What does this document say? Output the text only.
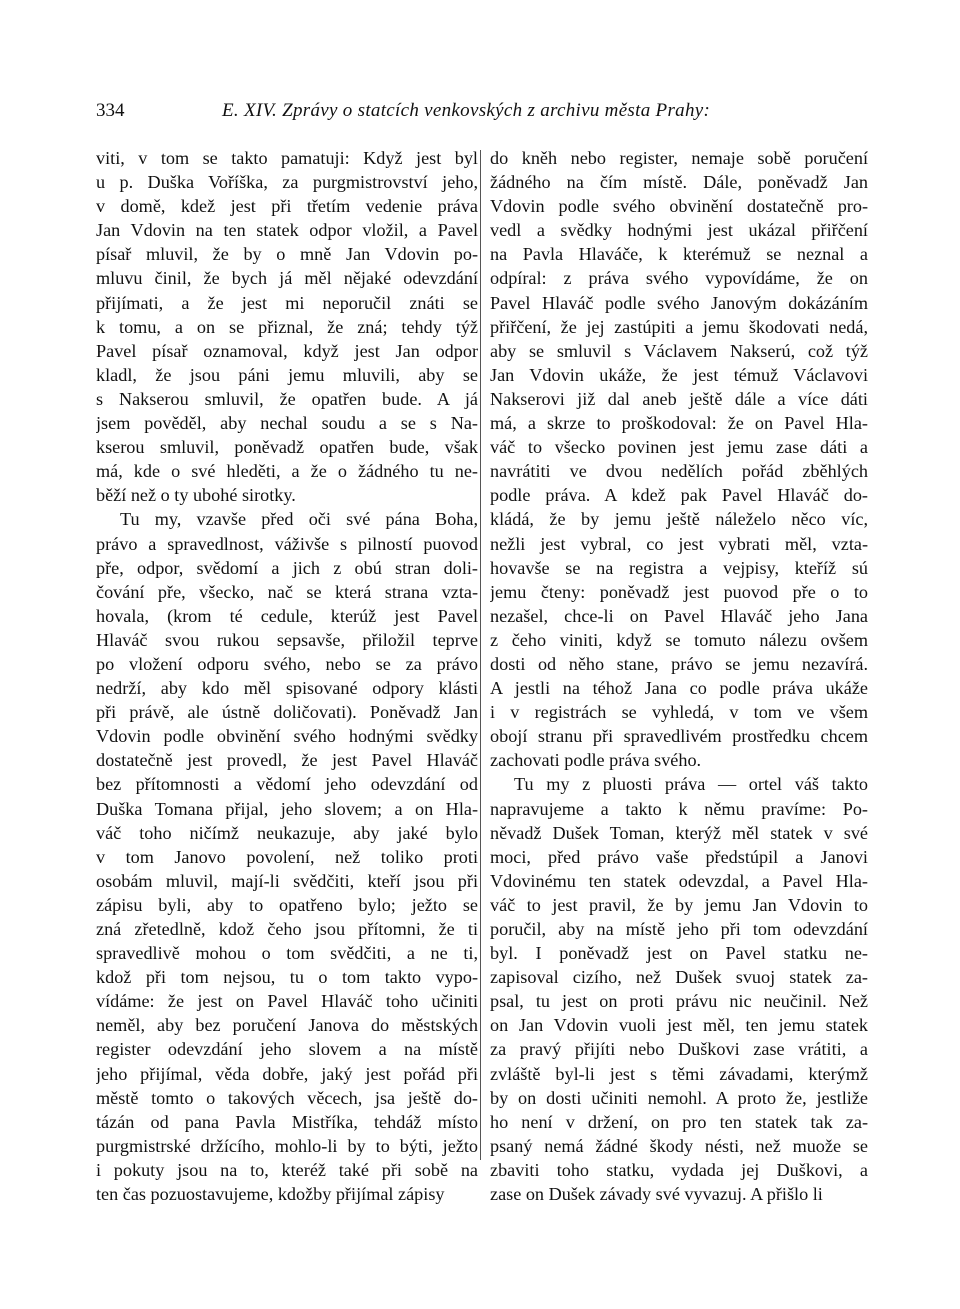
334	E. XIV. Zprávy o statcích venkovských z archivu města Prahy:
viti, v tom se takto pamatuji: Když jest byl
u p. Duška Voříška, za purgmistrovství jeho,
v domě, kdež jest při třetím vedenie práva
Jan Vdovin na ten statek odpor vložil, a Pavel
písař mluvil, že by o mně Jan Vdovin po-
mluvu činil, že bych já měl nějaké odevzdání
přijímati, a že jest mi neporučil znáti se
k tomu, a on se přiznal, že zná; tehdy týž
Pavel písař oznamoval, když jest Jan odpor
kladl, že jsou páni jemu mluvili, aby se
s Nakserou smluvil, že opatřen bude. A já
jsem pověděl, aby nechal soudu a se s Na-
kserou smluvil, poněvadž opatřen bude, však
má, kde o své hleděti, a že o žádného tu ne-
běží než o ty ubohé sirotky.
Tu my, vzavše před oči své pána Boha,
právo a spravedlnost, váživše s pilností puovod
pře, odpor, svědomí a jich z obú stran doli-
čování pře, všecko, nač se která strana vzta-
hovala, (krom té cedule, kterúž jest Pavel
Hlaváč svou rukou sepsavše, přiložil teprve
po vložení odporu svého, nebo se za právo
nedrží, aby kdo měl spisované odpory klásti
při právě, ale ústně doličovati). Poněvadž Jan
Vdovin podle obvinění svého hodnými svědky
dostatečně jest provedl, že jest Pavel Hlaváč
bez přítomnosti a vědomí jeho odevzdání od
Duška Tomana přijal, jeho slovem; a on Hla-
váč toho ničímž neukazuje, aby jaké bylo
v tom Janovo povolení, než toliko proti
osobám mluvil, mají-li svědčiti, kteří jsou při
zápisu byli, aby to opatřeno bylo; ježto se
zná zřetedlně, kdož čeho jsou přítomni, že ti
spravedlivě mohou o tom svědčiti, a ne ti,
kdož při tom nejsou, tu o tom takto vypo-
vídáme: že jest on Pavel Hlaváč toho učiniti
neměl, aby bez poručení Janova do městských
register odevzdání jeho slovem a na místě
jeho přijímal, věda dobře, jaký jest pořád při
městě tomto o takových věcech, jsa ještě do-
tázán od pana Pavla Mistříka, tehdáž místo
purgmistrské držícího, mohlo-li by to býti, ježto
i pokuty jsou na to, kteréž také při sobě na
ten čas pozuostavujeme, kdožby přijímal zápisy
do kněh nebo register, nemaje sobě poručení
žádného na čím místě. Dále, poněvadž Jan
Vdovin podle svého obvinění dostatečně pro-
vedl a svědky hodnými jest ukázal přiřčení
na Pavla Hlaváče, k kterémuž se neznal a
odpíral: z práva svého vypovídáme, že on
Pavel Hlaváč podle svého Janovým dokázáním
přiřčení, že jej zastúpiti a jemu škodovati nedá,
aby se smluvil s Václavem Nakserú, což týž
Jan Vdovin ukáže, že jest témuž Václavovi
Nakserovi již dal aneb ještě dále a více dáti
má, a skrze to proškodoval: že on Pavel Hla-
váč to všecko povinen jest jemu zase dáti a
navrátiti ve dvou nedělích pořád zběhlých
podle práva. A kdež pak Pavel Hlaváč do-
kládá, že by jemu ještě náleželo něco víc,
nežli jest vybral, co jest vybrati měl, vzta-
hovavše se na registra a vejpisy, kteříž sú
jemu čteny: poněvadž jest puovod pře o to
nezašel, chce-li on Pavel Hlaváč jeho Jana
z čeho viniti, když se tomuto nálezu ovšem
dosti od něho stane, právo se jemu nezavírá.
A jestli na téhož Jana co podle práva ukáže
i v registrách se vyhledá, v tom ve všem
obojí stranu při spravedlivém prostředku chcem
zachovati podle práva svého.
Tu my z pluosti práva — ortel váš takto
napravujeme a takto k němu pravíme: Po-
něvadž Dušek Toman, kterýž měl statek v své
moci, před právo vaše předstúpil a Janovi
Vdovinému ten statek odevzdal, a Pavel Hla-
váč to jest pravil, že by jemu Jan Vdovin to
poručil, aby na místě jeho při tom odevzdání
byl. I poněvadž jest on Pavel statku ne-
zapisoval cizího, než Dušek svuoj statek za-
psal, tu jest on proti právu nic neučinil. Než
on Jan Vdovin vuoli jest měl, ten jemu statek
za pravý přijíti nebo Duškovi zase vrátiti, a
zvláště byl-li jest s těmi závadami, kterýmž
by on dosti učiniti nemohl. A proto že, jestliže
ho není v držení, on pro ten statek tak za-
psaný nemá žádné škody nésti, než muože se
zbaviti toho statku, vydada jej Duškovi, a
zase on Dušek závady své vyvazuj. A přišlo li
